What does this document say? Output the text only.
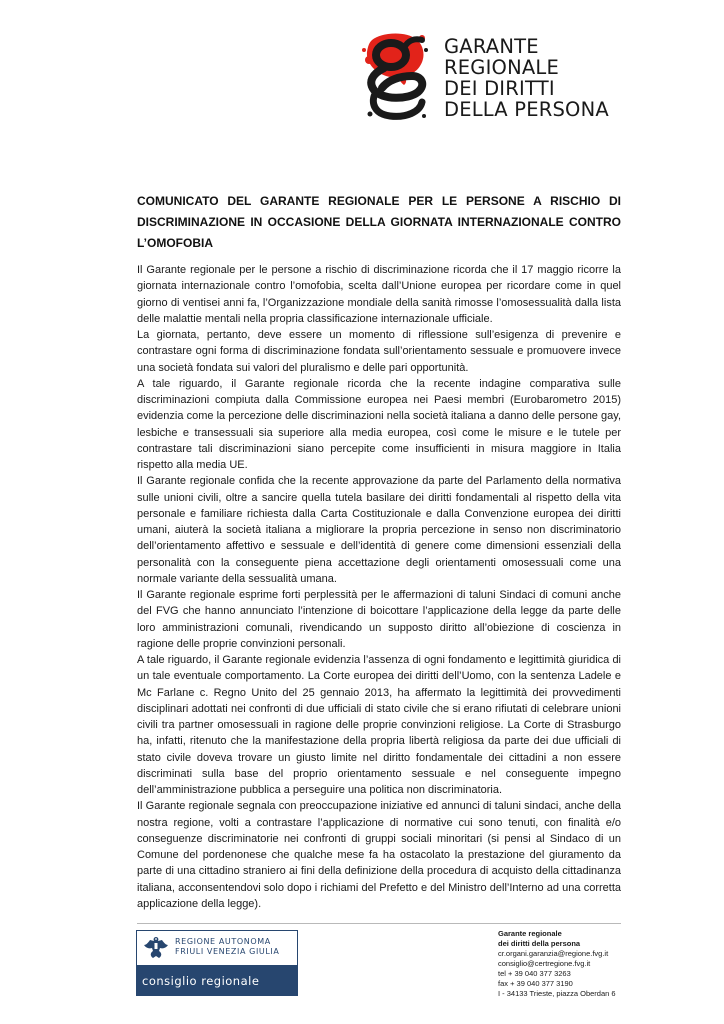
GARANTE
REGIONALE
DEI DIRITTI
DELLA PERSONA

COMUNICATO DEL GARANTE REGIONALE PER LE PERSONE A RISCHIO DI DISCRIMINAZIONE IN OCCASIONE DELLA GIORNATA INTERNAZIONALE CONTRO L’OMOFOBIA

Il Garante regionale per le persone a rischio di discriminazione ricorda che il 17 maggio ricorre la giornata internazionale contro l’omofobia, scelta dall’Unione europea per ricordare come in quel giorno di ventisei anni fa, l’Organizzazione mondiale della sanità rimosse l’omosessualità dalla lista delle malattie mentali nella propria classificazione internazionale ufficiale.

La giornata, pertanto, deve essere un momento di riflessione sull’esigenza di prevenire e contrastare ogni forma di discriminazione fondata sull’orientamento sessuale e promuovere invece una società fondata sui valori del pluralismo e delle pari opportunità.

A tale riguardo, il Garante regionale ricorda che la recente indagine comparativa sulle discriminazioni compiuta dalla Commissione europea nei Paesi membri (Eurobarometro 2015) evidenzia come la percezione delle discriminazioni nella società italiana a danno delle persone gay, lesbiche e transessuali sia superiore alla media europea, così come le misure e le tutele per contrastare tali discriminazioni siano percepite come insufficienti in misura maggiore in Italia rispetto alla media UE.

Il Garante regionale confida che la recente approvazione da parte del Parlamento della normativa sulle unioni civili, oltre a sancire quella tutela basilare dei diritti fondamentali al rispetto della vita personale e familiare richiesta dalla Carta Costituzionale e dalla Convenzione europea dei diritti umani, aiuterà la società italiana a migliorare la propria percezione in senso non discriminatorio dell’orientamento affettivo e sessuale e dell’identità di genere come dimensioni essenziali della personalità con la conseguente piena accettazione degli orientamenti omosessuali come una normale variante della sessualità umana.

Il Garante regionale esprime forti perplessità per le affermazioni di taluni Sindaci di comuni anche del FVG che hanno annunciato l’intenzione di boicottare l’applicazione della legge da parte delle loro amministrazioni comunali, rivendicando un supposto diritto all’obiezione di coscienza in ragione delle proprie convinzioni personali.

A tale riguardo, il Garante regionale evidenzia l’assenza di ogni fondamento e legittimità giuridica di un tale eventuale comportamento. La Corte europea dei diritti dell’Uomo, con la sentenza Ladele e Mc Farlane c. Regno Unito del 25 gennaio 2013, ha affermato la legittimità dei provvedimenti disciplinari adottati nei confronti di due ufficiali di stato civile che si erano rifiutati di celebrare unioni civili tra partner omosessuali in ragione delle proprie convinzioni religiose. La Corte di Strasburgo ha, infatti, ritenuto che la manifestazione della propria libertà religiosa da parte dei due ufficiali di stato civile doveva trovare un giusto limite nel diritto fondamentale dei cittadini a non essere discriminati sulla base del proprio orientamento sessuale e nel conseguente impegno dell’amministrazione pubblica a perseguire una politica non discriminatoria.

Il Garante regionale segnala con preoccupazione iniziative ed annunci di taluni sindaci, anche della nostra regione, volti a contrastare l’applicazione di normative cui sono tenuti, con finalità e/o conseguenze discriminatorie nei confronti di gruppi sociali minoritari (si pensi al Sindaco di un Comune del pordenonese che qualche mese fa ha ostacolato la prestazione del giuramento da parte di una cittadino straniero ai fini della definizione della procedura di acquisto della cittadinanza italiana, acconsentendovi solo dopo i richiami del Prefetto e del Ministro dell’Interno ad una corretta applicazione della legge).

REGIONE AUTONOMA
FRIULI VENEZIA GIULIA

consiglio regionale
Garante regionale
dei diritti della persona
cr.organi.garanzia@regione.fvg.it
consiglio@certregione.fvg.it
tel + 39 040 377 3263
fax + 39 040 377 3190
I - 34133 Trieste, piazza Oberdan 6
